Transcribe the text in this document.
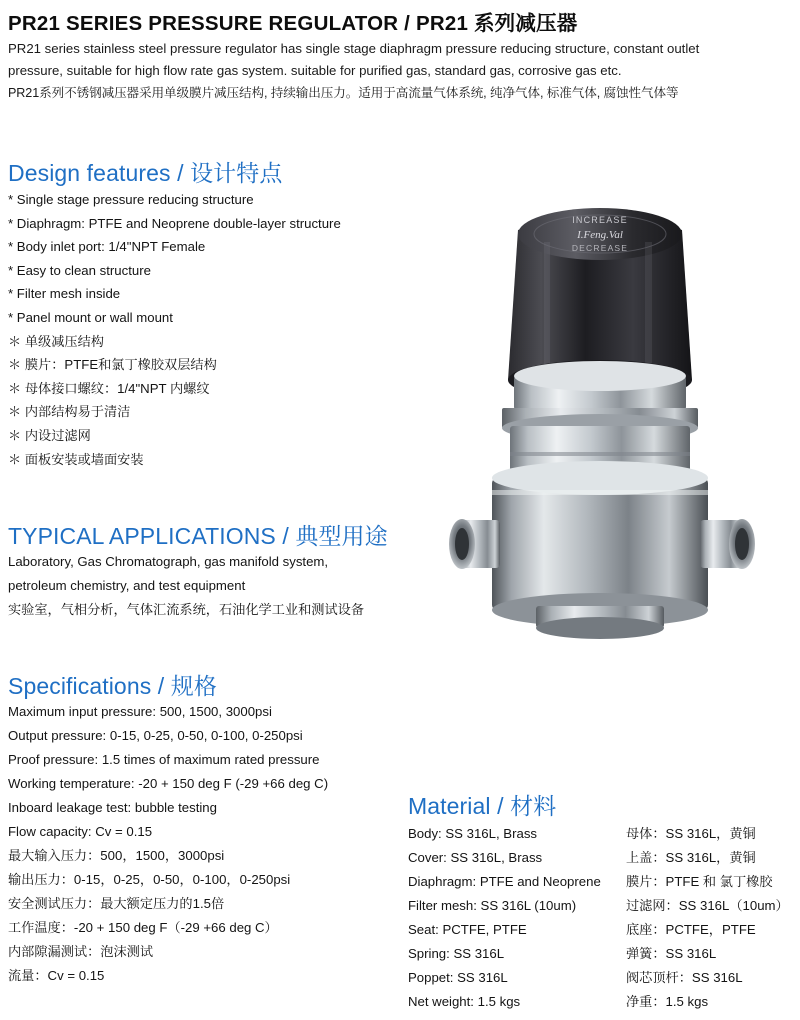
PR21 SERIES PRESSURE REGULATOR / PR21 系列减压器
PR21 series stainless steel pressure regulator has single stage diaphragm pressure reducing structure, constant outlet
pressure, suitable for high flow rate gas system. suitable for purified gas, standard gas, corrosive gas etc.
PR21系列不锈钢减压器采用单级膜片减压结构, 持续输出压力。适用于高流量气体系统, 纯净气体, 标准气体, 腐蚀性气体等
Design features / 设计特点
* Single stage pressure reducing structure
* Diaphragm: PTFE and Neoprene double-layer structure
* Body inlet port: 1/4"NPT Female
* Easy to clean structure
* Filter mesh inside
* Panel mount or wall mount
＊ 单级减压结构
＊ 膜片：PTFE和氯丁橡胶双层结构
＊ 母体接口螺纹：1/4"NPT 内螺纹
＊ 内部结构易于清洁
＊ 内设过滤网
＊ 面板安装或墙面安装
TYPICAL APPLICATIONS / 典型用途
Laboratory, Gas Chromatograph, gas manifold system,
petroleum chemistry, and test equipment
实验室，气相分析，气体汇流系统，石油化学工业和测试设备
Specifications / 规格
Maximum input pressure: 500, 1500, 3000psi
Output pressure: 0-15, 0-25, 0-50, 0-100, 0-250psi
Proof pressure: 1.5 times of maximum rated pressure
Working temperature: -20 + 150 deg F (-29 +66 deg C)
Inboard leakage test: bubble testing
Flow capacity: Cv = 0.15
最大输入压力：500，1500，3000psi
输出压力：0-15，0-25，0-50，0-100，0-250psi
安全测试压力：最大额定压力的1.5倍
工作温度：-20 + 150 deg F（-29 +66 deg C）
内部隙漏测试：泡沫测试
流量：Cv = 0.15
Material / 材料
Body: SS 316L, Brass	母体：SS 316L，黄铜
Cover: SS 316L, Brass	上盖：SS 316L，黄铜
Diaphragm: PTFE and Neoprene	膜片：PTFE 和 氯丁橡胶
Filter mesh: SS 316L (10um)	过滤网：SS 316L（10um）
Seat: PCTFE, PTFE	底座：PCTFE，PTFE
Spring: SS 316L	弹簧：SS 316L
Poppet: SS 316L	阀芯顶杆：SS 316L
Net weight: 1.5 kgs	净重：1.5 kgs
INCREASE
I.Feng.Val
DECREASE
